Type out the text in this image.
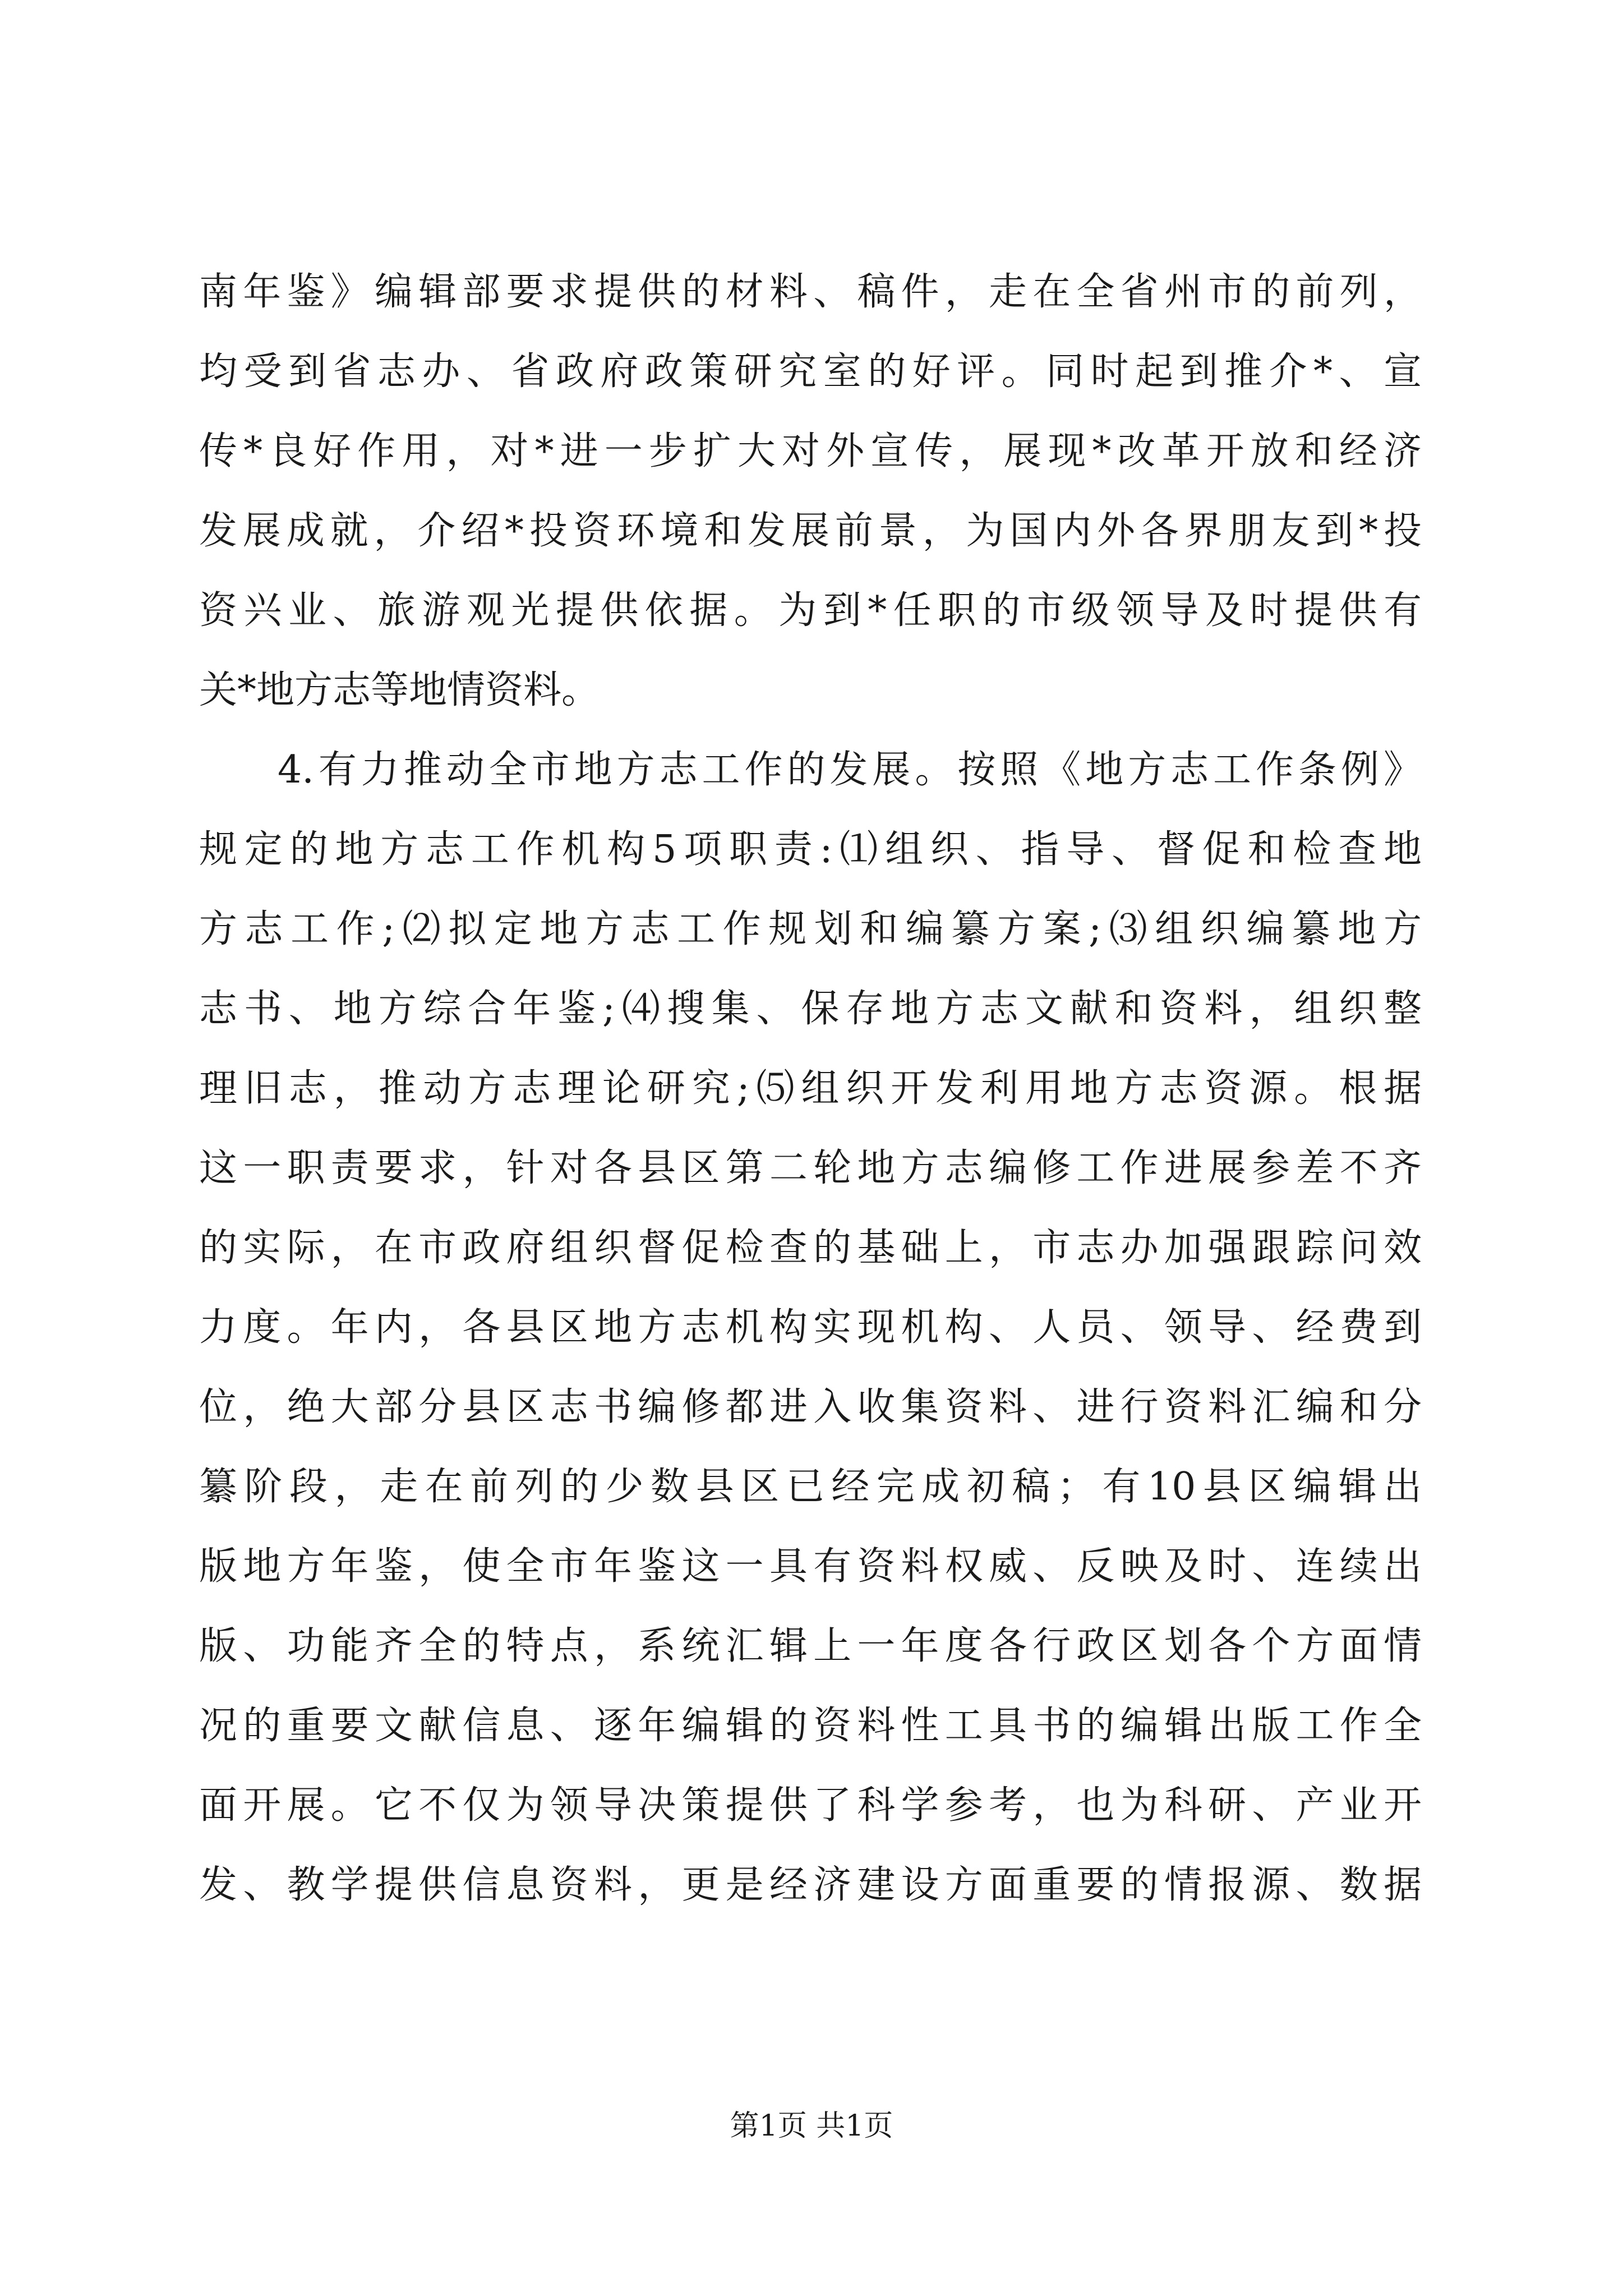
南年鉴》编辑部要求提供的材料、稿件，走在全省州市的前列，
均受到省志办、省政府政策研究室的好评。同时起到推介*、宣
传*良好作用，对*进一步扩大对外宣传，展现*改革开放和经济
发展成就，介绍*投资环境和发展前景，为国内外各界朋友到*投
资兴业、旅游观光提供依据。为到*任职的市级领导及时提供有
关*地方志等地情资料。
4.有力推动全市地方志工作的发展。按照《地方志工作条例》
规定的地方志工作机构5项职责:⑴组织、指导、督促和检查地
方志工作;⑵拟定地方志工作规划和编纂方案;⑶组织编纂地方
志书、地方综合年鉴;⑷搜集、保存地方志文献和资料，组织整
理旧志，推动方志理论研究;⑸组织开发利用地方志资源。根据
这一职责要求，针对各县区第二轮地方志编修工作进展参差不齐
的实际，在市政府组织督促检查的基础上，市志办加强跟踪问效
力度。年内，各县区地方志机构实现机构、人员、领导、经费到
位，绝大部分县区志书编修都进入收集资料、进行资料汇编和分
纂阶段，走在前列的少数县区已经完成初稿；有10县区编辑出
版地方年鉴，使全市年鉴这一具有资料权威、反映及时、连续出
版、功能齐全的特点，系统汇辑上一年度各行政区划各个方面情
况的重要文献信息、逐年编辑的资料性工具书的编辑出版工作全
面开展。它不仅为领导决策提供了科学参考，也为科研、产业开
发、教学提供信息资料，更是经济建设方面重要的情报源、数据
第1页 共1页
